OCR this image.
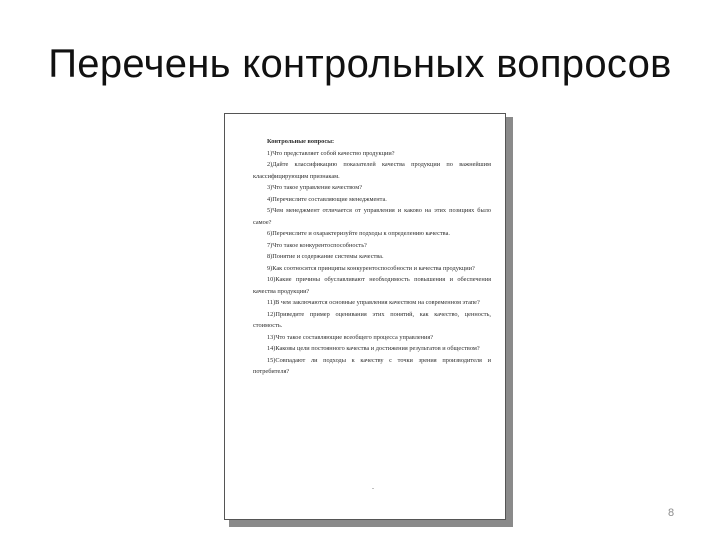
Перечень контрольных вопросов

Контрольные вопросы:

1)Что представляет собой качество продукции?

2)Дайте классификацию показателей качества продукции по важнейшим классифицирующим признакам.

3)Что такое управление качеством?

4)Перечислите составляющие менеджмента.

5)Чем менеджмент отличается от управления и каково на этих позициях было самое?

6)Перечислите и охарактеризуйте подходы к определению качества.

7)Что такое конкурентоспособность?

8)Понятие и содержание системы качества.

9)Как соотносятся принципы конкурентоспособности и качества продукции?

10)Какие причины обуславливают необходимость повышения и обеспечения качества продукции?

11)В чем заключаются основные управления качеством на современном этапе?

12)Приведите пример оценивания этих понятий, как качество, ценность, стоимость.

13)Что такое составляющие всеобщего процесса управления?

14)Каковы цели постоянного качества и достижения результатов и обществом?

15)Совпадают ли подходы к качеству с точки зрения производителя и потребителя?

-
8
